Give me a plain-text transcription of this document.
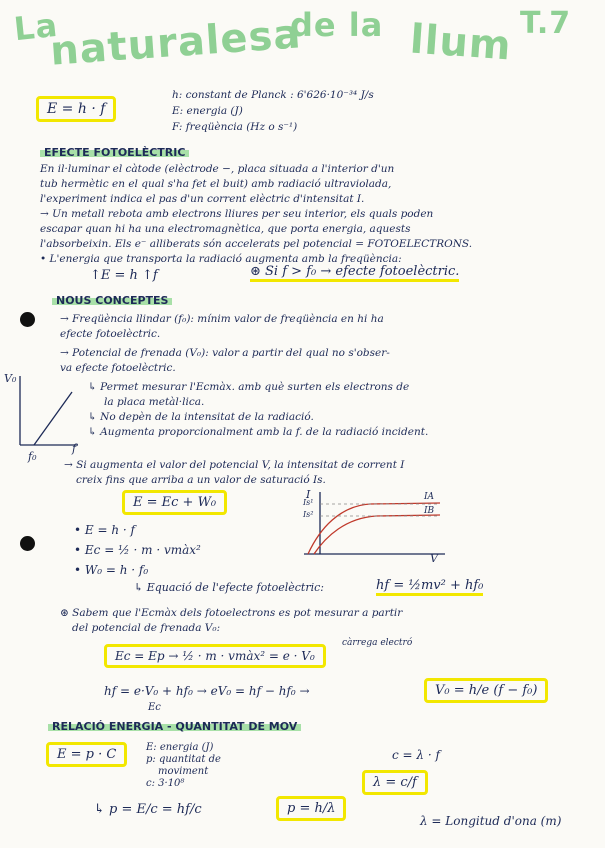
La
naturalesa
de la llum T.7
E = h · f
h: constant de Planck : 6'626·10⁻³⁴ J/s
E: energia (J)
F: freqüència (Hz o s⁻¹)
EFECTE FOTOELÈCTRIC
En il·luminar el càtode (elèctrode −, placa situada a l'interior d'un
tub hermètic en el qual s'ha fet el buit) amb radiació ultraviolada,
l'experiment indica el pas d'un corrent elèctric d'intensitat I.
→ Un metall rebota amb electrons lliures per seu interior, els quals poden
escapar quan hi ha una electromagnètica, que porta energia, aquests
l'absorbeixin. Els e⁻ alliberats són accelerats pel potencial = FOTOELECTRONS.
• L'energia que transporta la radiació augmenta amb la freqüència:
↑E = h ↑f	⊛ Si f > f₀ → efecte fotoelèctric.
NOUS CONCEPTES
→ Freqüència llindar (f₀): mínim valor de freqüència en hi ha
efecte fotoelèctric.
→ Potencial de frenada (V₀): valor a partir del qual no s'obser-
va efecte fotoelèctric.
↳ Permet mesurar l'Ecmàx. amb què surten els electrons de
la placa metàl·lica.
↳ No depèn de la intensitat de la radiació.
↳ Augmenta proporcionalment amb la f. de la radiació incident.
V₀
f
f₀
→ Si augmenta el valor del potencial V, la intensitat de corrent I
creix fins que arriba a un valor de saturació Is.
E = Ec + W₀
• E = h · f
• Ec = ½ · m · vmàx²
• W₀ = h · f₀
I	IA
IB
Is¹
Is²
V
↳ Equació de l'efecte fotoelèctric:	hf = ½mv² + hf₀
⊛ Sabem que l'Ecmàx dels fotoelectrons es pot mesurar a partir
del potencial de frenada V₀:
càrrega electró
Ec = Ep → ½ · m · vmàx² = e · V₀
hf = e·V₀ + hf₀ → eV₀ = hf − hf₀ →
Ec
V₀ = h/e (f − f₀)
RELACIÓ ENERGIA - QUANTITAT DE MOV
E = p · C	E: energia (J)
p: quantitat de
moviment
c: 3·10⁸
↳ p = E/c = hf/c	p = h/λ
c = λ · f
λ = c/f
λ = Longitud d'ona (m)
